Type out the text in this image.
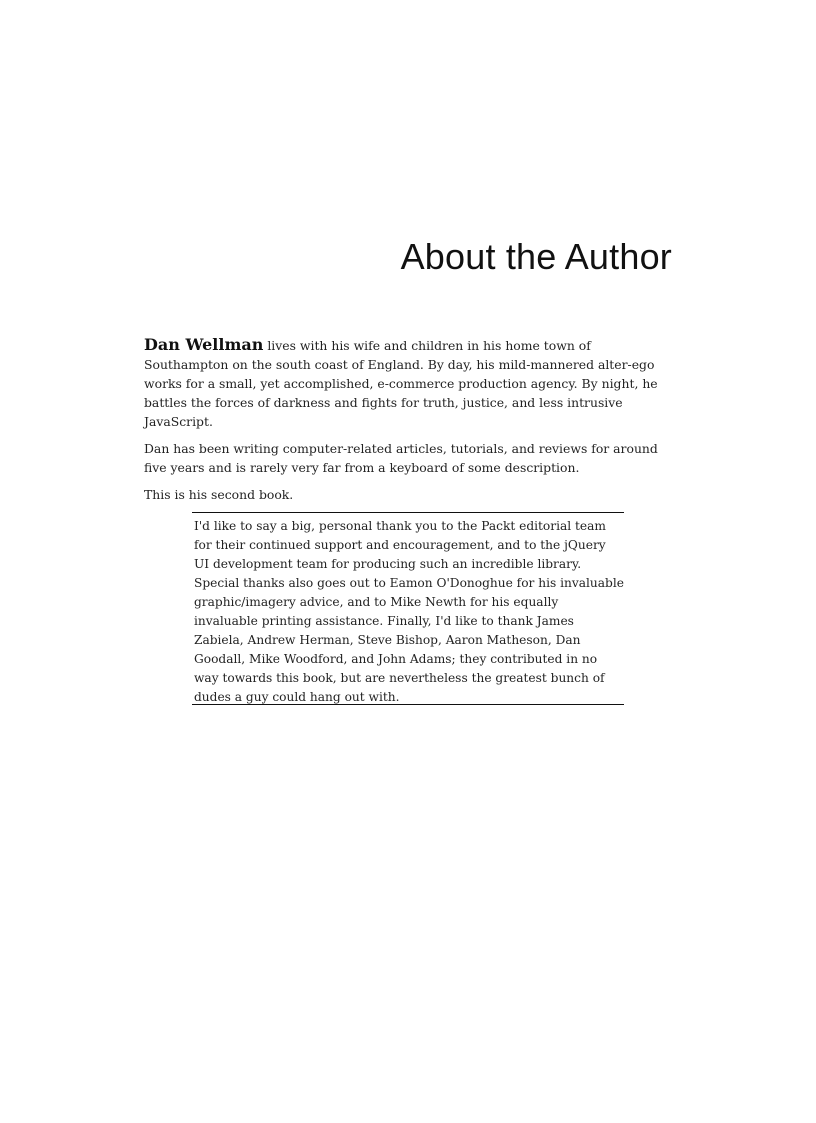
About the Author

Dan Wellman lives with his wife and children in his home town of Southampton on the south coast of England. By day, his mild-mannered alter-ego works for a small, yet accomplished, e-commerce production agency. By night, he battles the forces of darkness and fights for truth, justice, and less intrusive JavaScript.

Dan has been writing computer-related articles, tutorials, and reviews for around five years and is rarely very far from a keyboard of some description.

This is his second book.

I'd like to say a big, personal thank you to the Packt editorial team for their continued support and encouragement, and to the jQuery UI development team for producing such an incredible library. Special thanks also goes out to Eamon O'Donoghue for his invaluable graphic/imagery advice, and to Mike Newth for his equally invaluable printing assistance. Finally, I'd like to thank James Zabiela, Andrew Herman, Steve Bishop, Aaron Matheson, Dan Goodall, Mike Woodford, and John Adams; they contributed in no way towards this book, but are nevertheless the greatest bunch of dudes a guy could hang out with.
